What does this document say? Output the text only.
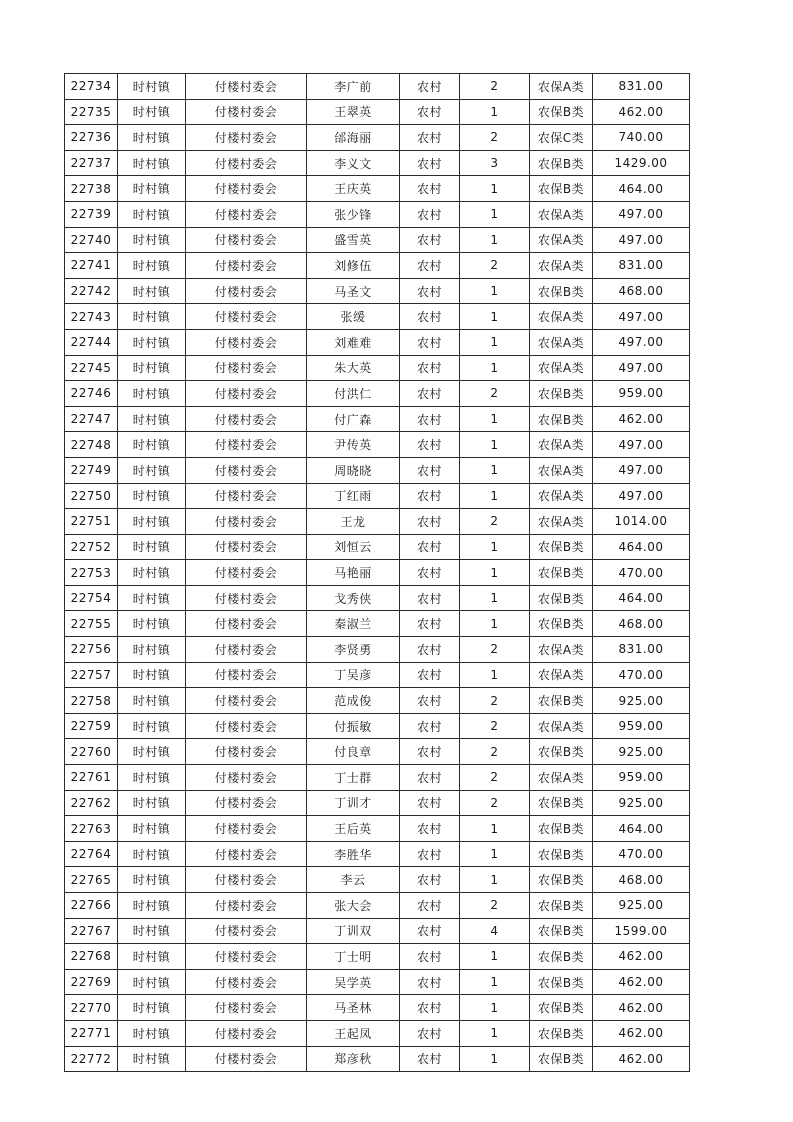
22734	时村镇	付楼村委会	李广前	农村	2	农保A类	831.00
22735	时村镇	付楼村委会	王翠英	农村	1	农保B类	462.00
22736	时村镇	付楼村委会	邰海丽	农村	2	农保C类	740.00
22737	时村镇	付楼村委会	李义文	农村	3	农保B类	1429.00
22738	时村镇	付楼村委会	王庆英	农村	1	农保B类	464.00
22739	时村镇	付楼村委会	张少锋	农村	1	农保A类	497.00
22740	时村镇	付楼村委会	盛雪英	农村	1	农保A类	497.00
22741	时村镇	付楼村委会	刘修伍	农村	2	农保A类	831.00
22742	时村镇	付楼村委会	马圣文	农村	1	农保B类	468.00
22743	时村镇	付楼村委会	张缓	农村	1	农保A类	497.00
22744	时村镇	付楼村委会	刘难难	农村	1	农保A类	497.00
22745	时村镇	付楼村委会	朱大英	农村	1	农保A类	497.00
22746	时村镇	付楼村委会	付洪仁	农村	2	农保B类	959.00
22747	时村镇	付楼村委会	付广森	农村	1	农保B类	462.00
22748	时村镇	付楼村委会	尹传英	农村	1	农保A类	497.00
22749	时村镇	付楼村委会	周晓晓	农村	1	农保A类	497.00
22750	时村镇	付楼村委会	丁红雨	农村	1	农保A类	497.00
22751	时村镇	付楼村委会	王龙	农村	2	农保A类	1014.00
22752	时村镇	付楼村委会	刘恒云	农村	1	农保B类	464.00
22753	时村镇	付楼村委会	马艳丽	农村	1	农保B类	470.00
22754	时村镇	付楼村委会	戈秀侠	农村	1	农保B类	464.00
22755	时村镇	付楼村委会	秦淑兰	农村	1	农保B类	468.00
22756	时村镇	付楼村委会	李贤勇	农村	2	农保A类	831.00
22757	时村镇	付楼村委会	丁吴彦	农村	1	农保A类	470.00
22758	时村镇	付楼村委会	范成俊	农村	2	农保B类	925.00
22759	时村镇	付楼村委会	付振敏	农村	2	农保A类	959.00
22760	时村镇	付楼村委会	付良章	农村	2	农保B类	925.00
22761	时村镇	付楼村委会	丁士群	农村	2	农保A类	959.00
22762	时村镇	付楼村委会	丁训才	农村	2	农保B类	925.00
22763	时村镇	付楼村委会	王后英	农村	1	农保B类	464.00
22764	时村镇	付楼村委会	李胜华	农村	1	农保B类	470.00
22765	时村镇	付楼村委会	李云	农村	1	农保B类	468.00
22766	时村镇	付楼村委会	张大会	农村	2	农保B类	925.00
22767	时村镇	付楼村委会	丁训双	农村	4	农保B类	1599.00
22768	时村镇	付楼村委会	丁士明	农村	1	农保B类	462.00
22769	时村镇	付楼村委会	吴学英	农村	1	农保B类	462.00
22770	时村镇	付楼村委会	马圣林	农村	1	农保B类	462.00
22771	时村镇	付楼村委会	王起凤	农村	1	农保B类	462.00
22772	时村镇	付楼村委会	郑彦秋	农村	1	农保B类	462.00
